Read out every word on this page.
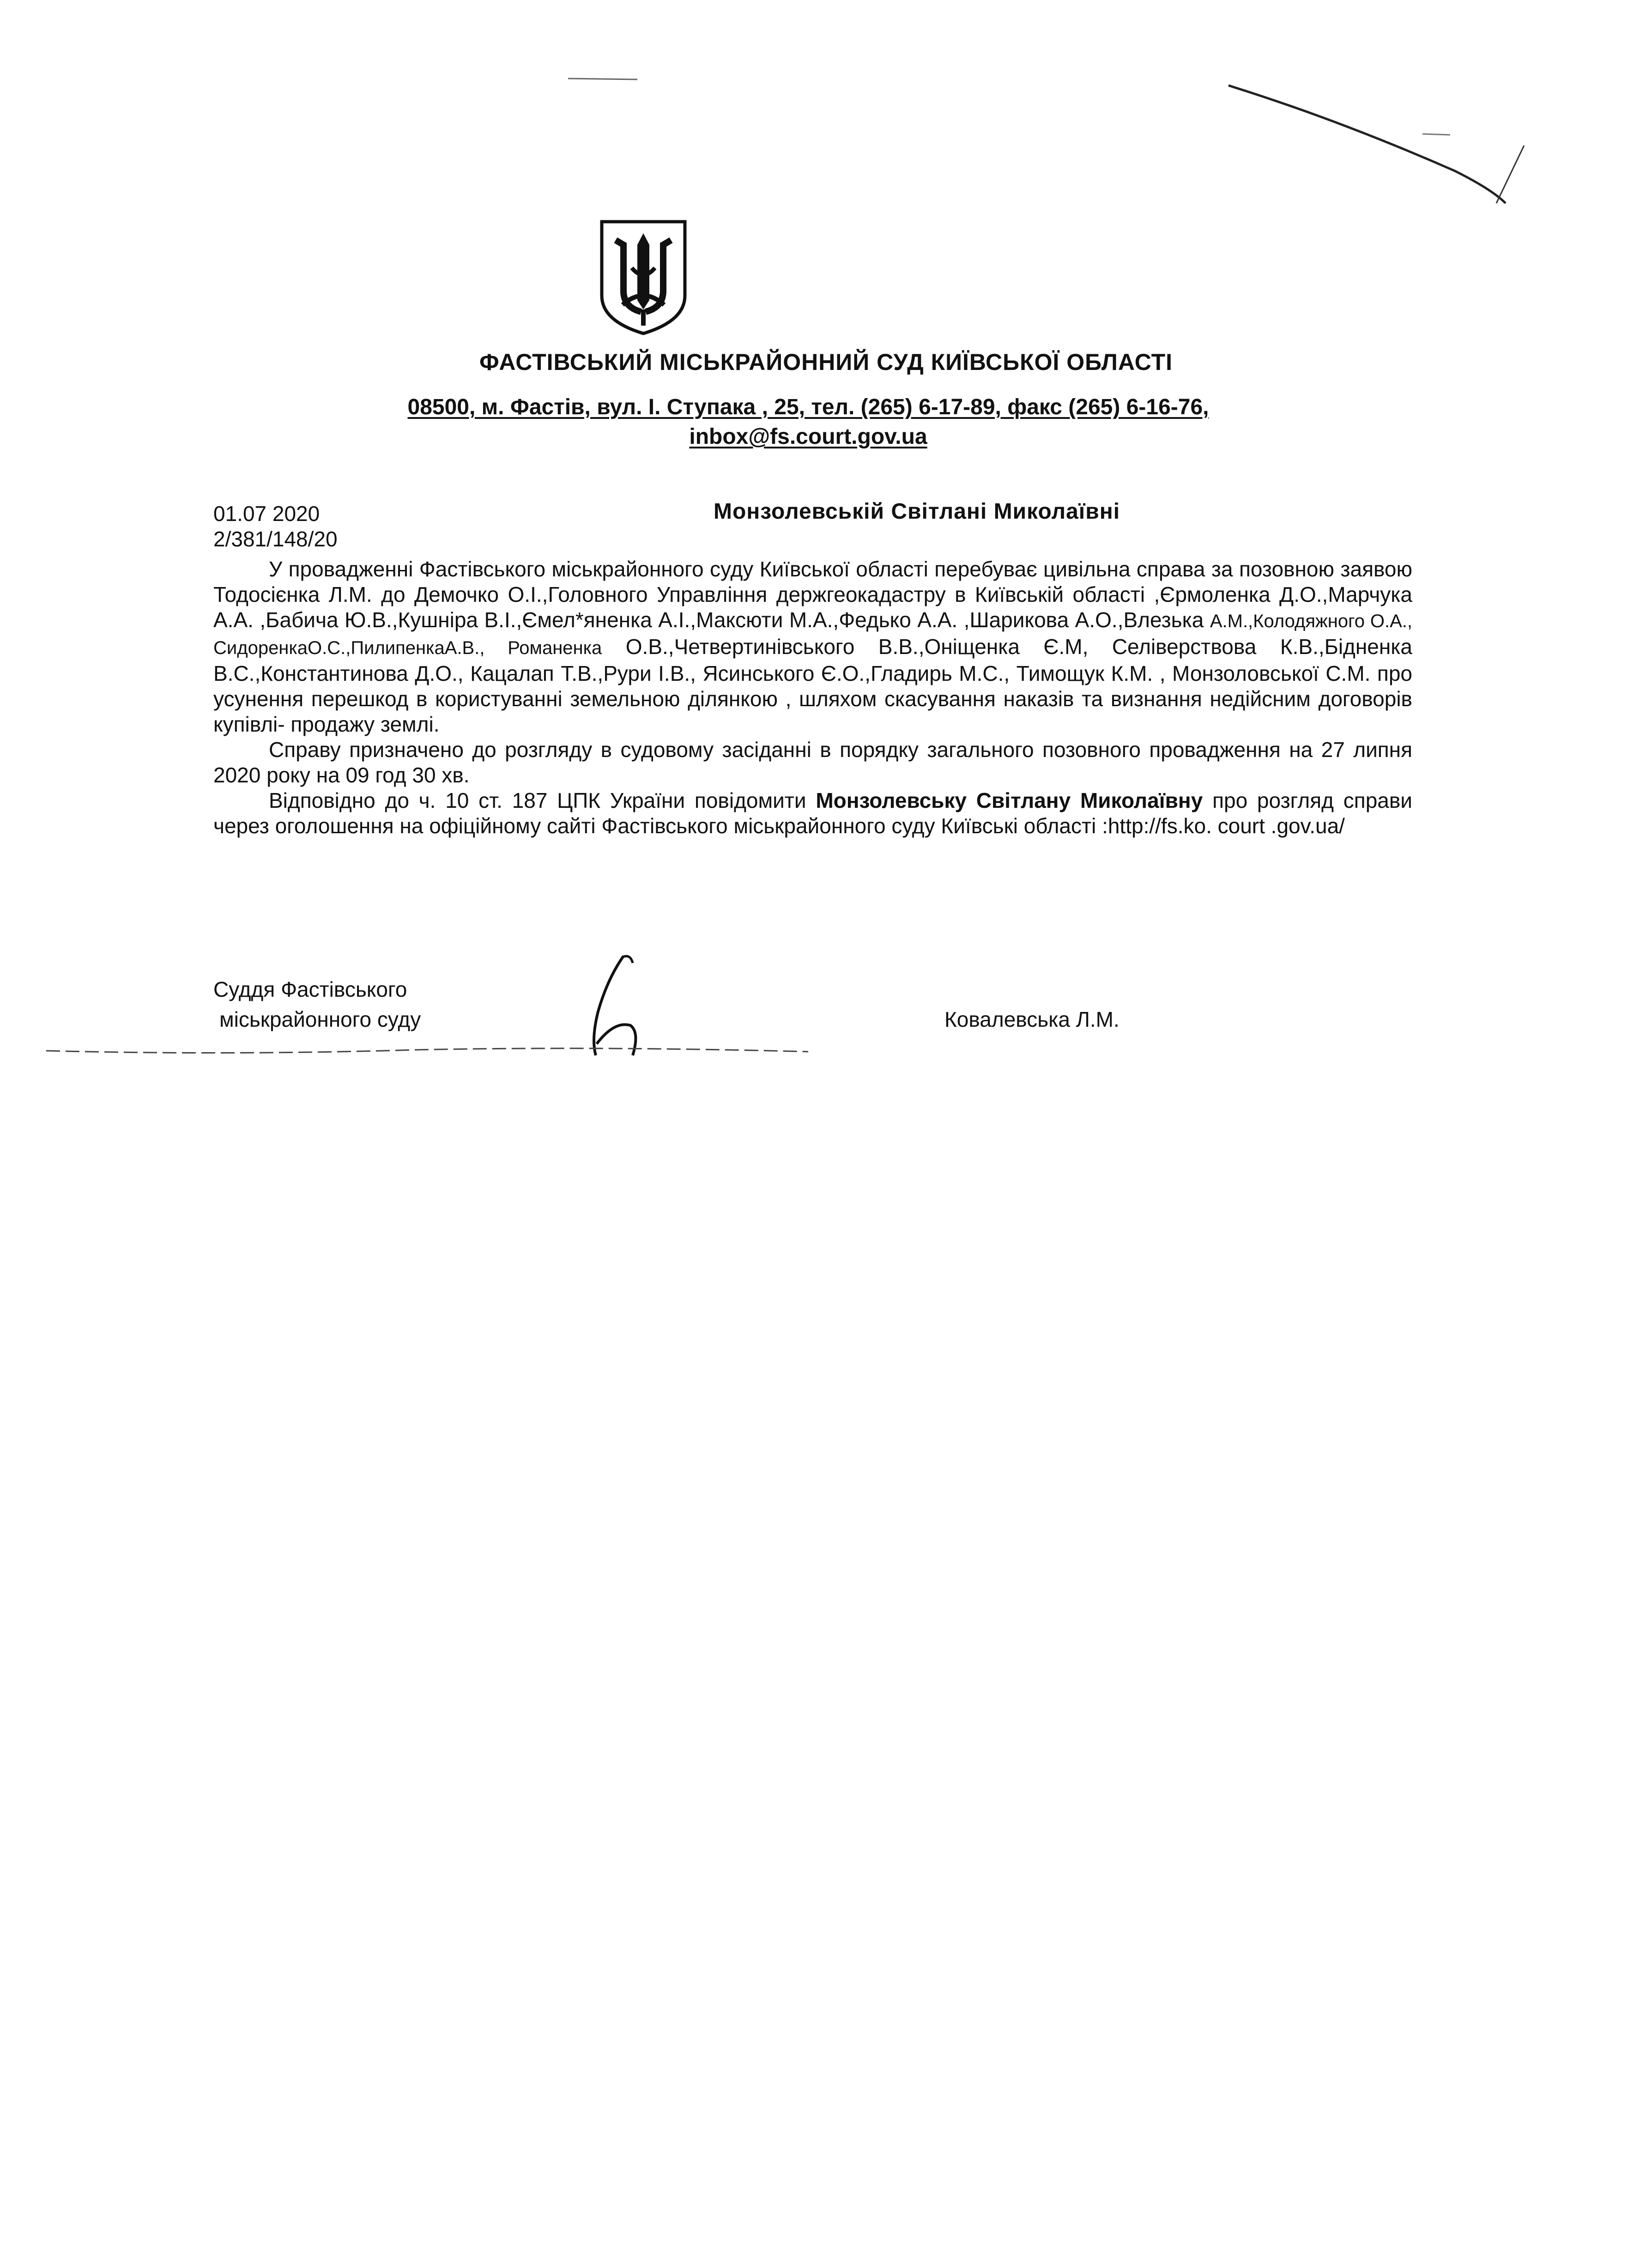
ФАСТІВСЬКИЙ МІСЬКРАЙОННИЙ СУД КИЇВСЬКОЇ ОБЛАСТІ
08500, м. Фастів, вул. І. Ступака , 25, тел. (265) 6-17-89, факс (265) 6-16-76,
inbox@fs.court.gov.ua
01.07 2020
2/381/148/20
Монзолевській Світлані Миколаївні

У провадженні Фастівського міськрайонного суду Київської області перебуває цивільна справа за позовною заявою Тодосієнка Л.М. до Демочко О.І.,Головного Управління держгеокадастру в Київській області ,Єрмоленка Д.О.,Марчука А.А. ,Бабича Ю.В.,Кушніра В.І.,Ємел*яненка А.І.,Максюти М.А.,Федько А.А. ,Шарикова А.О.,Влезька А.М.,Колодяжного О.А., СидоренкаО.С.,ПилипенкаА.В., Романенка О.В.,Четвертинівського В.В.,Оніщенка Є.М, Селіверствова К.В.,Бідненка В.С.,Константинова Д.О., Кацалап Т.В.,Рури І.В., Ясинського Є.О.,Гладирь М.С., Тимощук К.М. , Монзоловської С.М. про усунення перешкод в користуванні земельною ділянкою , шляхом скасування наказів та визнання недійсним договорів купівлі- продажу землі.

Справу призначено до розгляду в судовому засіданні в порядку загального позовного провадження на 27 липня 2020 року на 09 год 30 хв.

Відповідно до ч. 10 ст. 187 ЦПК України повідомити Монзолевську Світлану Миколаївну про розгляд справи через оголошення на офіційному сайті Фастівського міськрайонного суду Київські області :http://fs.ko. court .gov.ua/

Суддя Фастівського
міськрайонного суду	Ковалевська Л.М.
